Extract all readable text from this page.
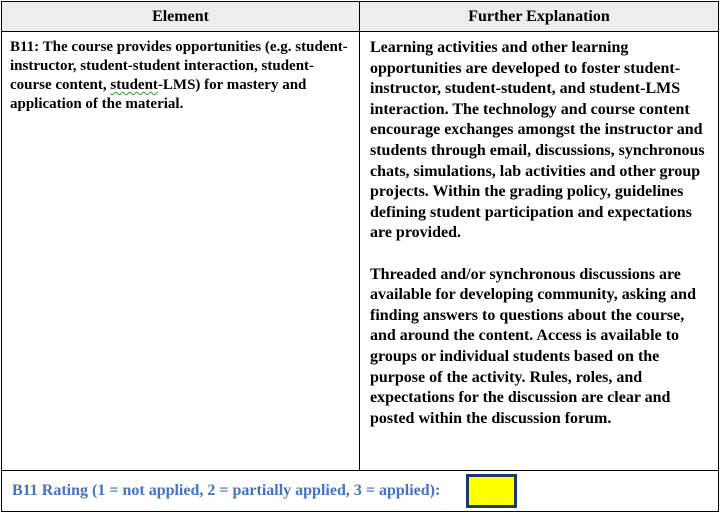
Element	Further Explanation
B11: The course provides opportunities (e.g. student-instructor, student-student interaction, student-course content, student-LMS) for mastery and application of the material.	Learning activities and other learning opportunities are developed to foster student-instructor, student-student, and student-LMS interaction. The technology and course content encourage exchanges amongst the instructor and students through email, discussions, synchronous chats, simulations, lab activities and other group projects. Within the grading policy, guidelines defining student participation and expectations are provided.

Threaded and/or synchronous discussions are available for developing community, asking and finding answers to questions about the course, and around the content. Access is available to groups or individual students based on the purpose of the activity. Rules, roles, and expectations for the discussion are clear and posted within the discussion forum.

B11 Rating (1 = not applied, 2 = partially applied, 3 = applied):	
